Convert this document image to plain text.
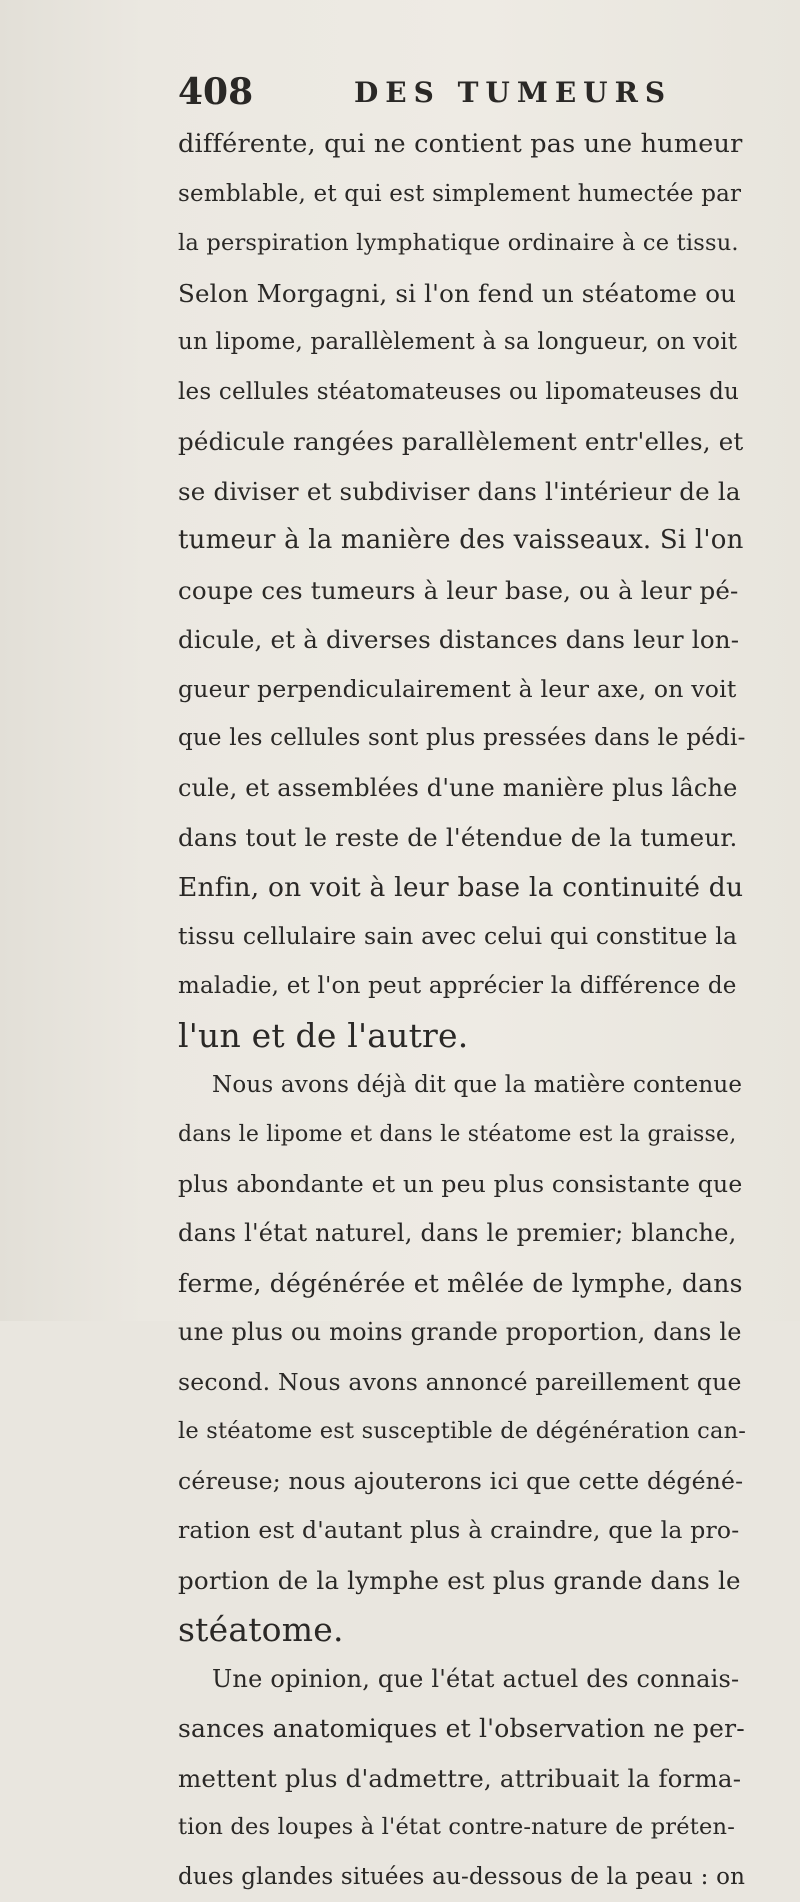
408	DES TUMEURS
différente, qui ne contient pas une humeur
semblable, et qui est simplement humectée par
la perspiration lymphatique ordinaire à ce tissu.
Selon Morgagni, si l'on fend un stéatome ou
un lipome, parallèlement à sa longueur, on voit
les cellules stéatomateuses ou lipomateuses du
pédicule rangées parallèlement entr'elles, et
se diviser et subdiviser dans l'intérieur de la
tumeur à la manière des vaisseaux. Si l'on
coupe ces tumeurs à leur base, ou à leur pé-
dicule, et à diverses distances dans leur lon-
gueur perpendiculairement à leur axe, on voit
que les cellules sont plus pressées dans le pédi-
cule, et assemblées d'une manière plus lâche
dans tout le reste de l'étendue de la tumeur.
Enfin, on voit à leur base la continuité du
tissu cellulaire sain avec celui qui constitue la
maladie, et l'on peut apprécier la différence de
l'un et de l'autre.
Nous avons déjà dit que la matière contenue
dans le lipome et dans le stéatome est la graisse,
plus abondante et un peu plus consistante que
dans l'état naturel, dans le premier; blanche,
ferme, dégénérée et mêlée de lymphe, dans
une plus ou moins grande proportion, dans le
second. Nous avons annoncé pareillement que
le stéatome est susceptible de dégénération can-
céreuse; nous ajouterons ici que cette dégéné-
ration est d'autant plus à craindre, que la pro-
portion de la lymphe est plus grande dans le
stéatome.
Une opinion, que l'état actuel des connais-
sances anatomiques et l'observation ne per-
mettent plus d'admettre, attribuait la forma-
tion des loupes à l'état contre-nature de préten-
dues glandes situées au-dessous de la peau : on
